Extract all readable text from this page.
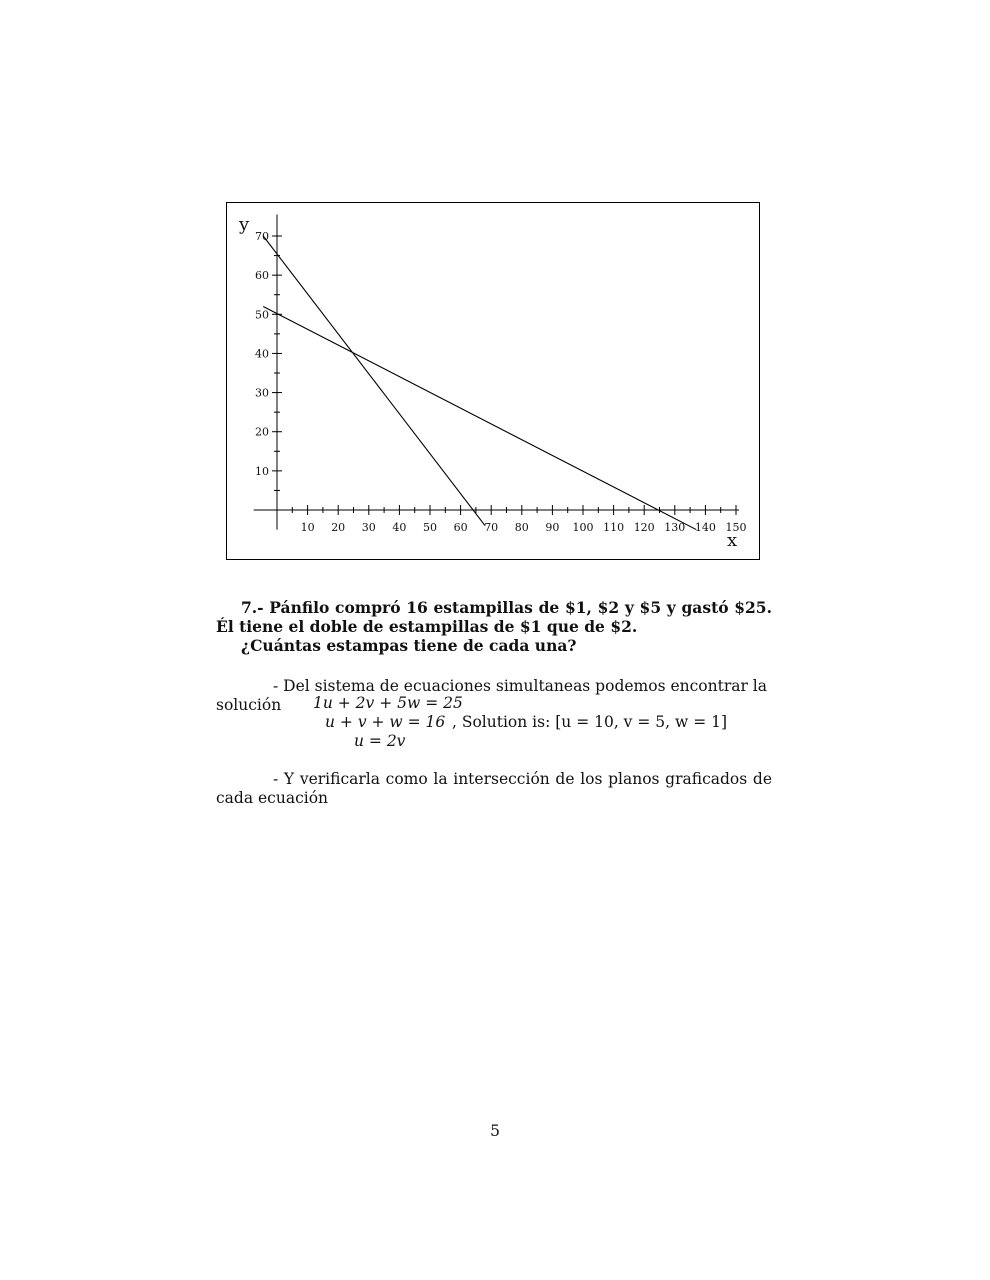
10 20 30 40 50 60 70 80 90 100 110 120 130 140 150
10
20
30
40
50
60
70
x
y

7.- Pánfilo compró 16 estampillas de $1, $2 y $5 y gastó $25. Él tiene el doble de estampillas de $1 que de $2.

¿Cuántas estampas tiene de cada una?

- Del sistema de ecuaciones simultaneas podemos encontrar la solución	1u + 2v + 5w = 25
u + v + w = 16
u = 2v
, Solution is: [u = 10, v = 5, w = 1]

- Y verificarla como la intersección de los planos graficados de cada ecuación

5
